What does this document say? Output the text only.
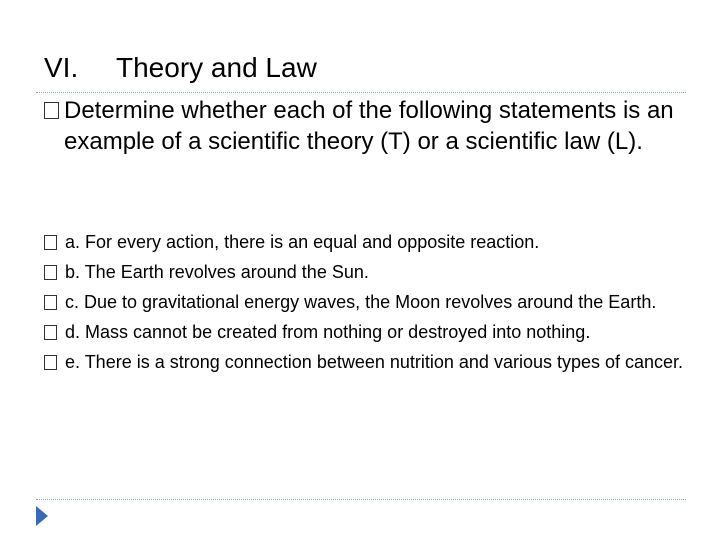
VI. Theory and Law
Determine whether each of the following statements is an example of a scientific theory (T) or a scientific law (L).
a. For every action, there is an equal and opposite reaction.
b. The Earth revolves around the Sun.
c. Due to gravitational energy waves, the Moon revolves around the Earth.
d. Mass cannot be created from nothing or destroyed into nothing.
e. There is a strong connection between nutrition and various types of cancer.
